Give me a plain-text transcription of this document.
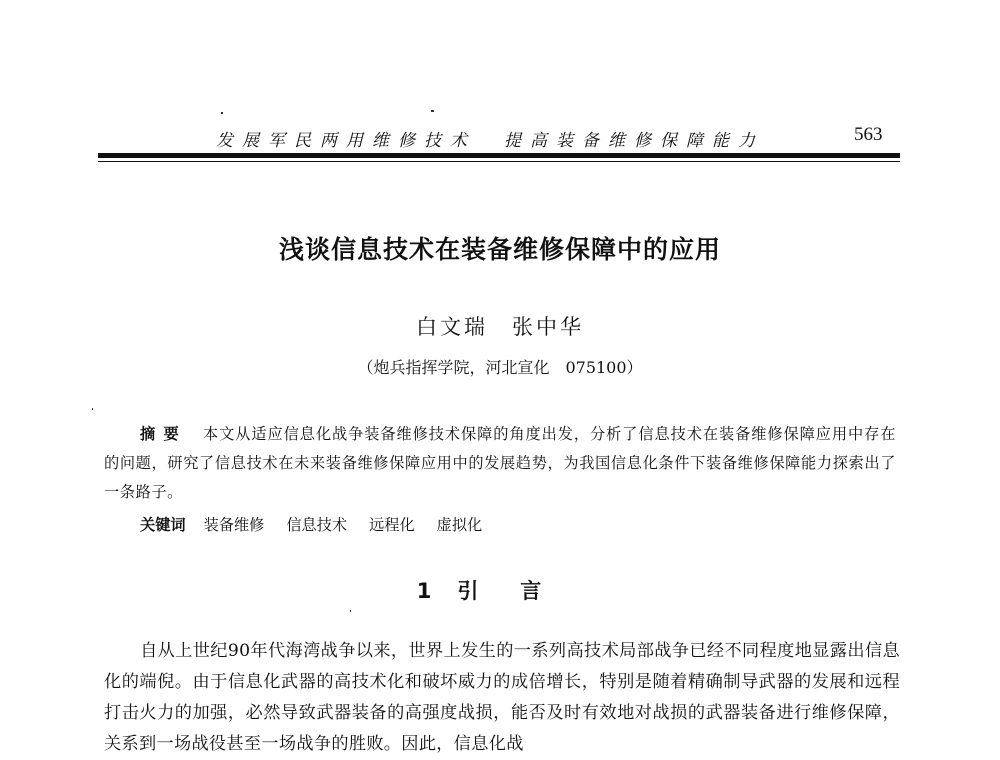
发展军民两用维修技术 提高装备维修保障能力	563
浅谈信息技术在装备维修保障中的应用
白文瑞 张中华
（炮兵指挥学院，河北宣化　075100）
摘要 本文从适应信息化战争装备维修技术保障的角度出发，分析了信息技术在装备维修保障应用中存在的问题，研究了信息技术在未来装备维修保障应用中的发展趋势，为我国信息化条件下装备维修保障能力探索出了一条路子。
关键词 装备维修 信息技术 远程化 虚拟化
1 引言
自从上世纪90年代海湾战争以来，世界上发生的一系列高技术局部战争已经不同程度地显露出信息化的端倪。由于信息化武器的高技术化和破坏威力的成倍增长，特别是随着精确制导武器的发展和远程打击火力的加强，必然导致武器装备的高强度战损，能否及时有效地对战损的武器装备进行维修保障，关系到一场战役甚至一场战争的胜败。因此，信息化战
